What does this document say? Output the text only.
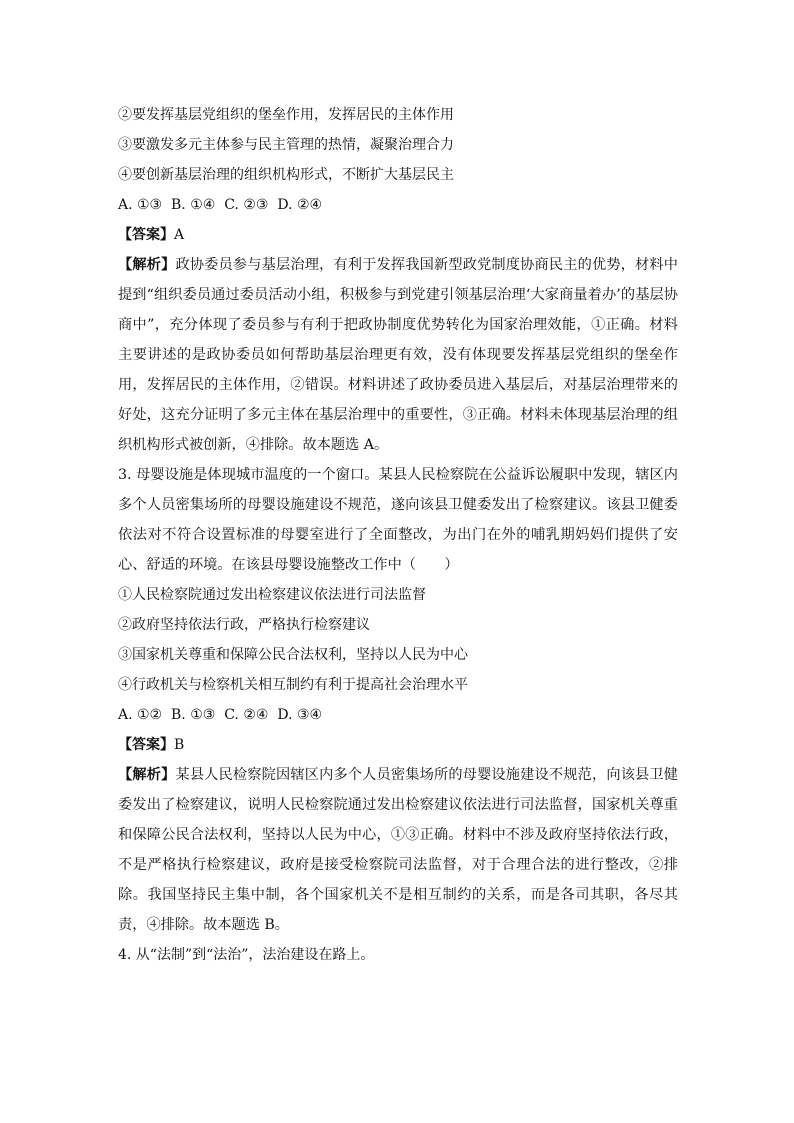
②要发挥基层党组织的堡垒作用，发挥居民的主体作用
③要激发多元主体参与民主管理的热情，凝聚治理合力
④要创新基层治理的组织机构形式，不断扩大基层民主
A. ①③  B. ①④  C. ②③  D. ②④
【答案】A

【解析】政协委员参与基层治理，有利于发挥我国新型政党制度协商民主的优势，材料中提到“组织委员通过委员活动小组，积极参与到党建引领基层治理‘大家商量着办’的基层协商中”，充分体现了委员参与有利于把政协制度优势转化为国家治理效能，①正确。材料主要讲述的是政协委员如何帮助基层治理更有效，没有体现要发挥基层党组织的堡垒作用，发挥居民的主体作用，②错误。材料讲述了政协委员进入基层后，对基层治理带来的好处，这充分证明了多元主体在基层治理中的重要性，③正确。材料未体现基层治理的组织机构形式被创新，④排除。故本题选 A。

3. 母婴设施是体现城市温度的一个窗口。某县人民检察院在公益诉讼履职中发现，辖区内多个人员密集场所的母婴设施建设不规范，遂向该县卫健委发出了检察建议。该县卫健委依法对不符合设置标准的母婴室进行了全面整改，为出门在外的哺乳期妈妈们提供了安心、舒适的环境。在该县母婴设施整改工作中（　　）

①人民检察院通过发出检察建议依法进行司法监督
②政府坚持依法行政，严格执行检察建议
③国家机关尊重和保障公民合法权利，坚持以人民为中心
④行政机关与检察机关相互制约有利于提高社会治理水平
A. ①②  B. ①③  C. ②④  D. ③④
【答案】B

【解析】某县人民检察院因辖区内多个人员密集场所的母婴设施建设不规范，向该县卫健委发出了检察建议，说明人民检察院通过发出检察建议依法进行司法监督，国家机关尊重和保障公民合法权利，坚持以人民为中心，①③正确。材料中不涉及政府坚持依法行政，不是严格执行检察建议，政府是接受检察院司法监督，对于合理合法的进行整改，②排除。我国坚持民主集中制，各个国家机关不是相互制约的关系，而是各司其职，各尽其责，④排除。故本题选 B。

4. 从“法制”到“法治”，法治建设在路上。
